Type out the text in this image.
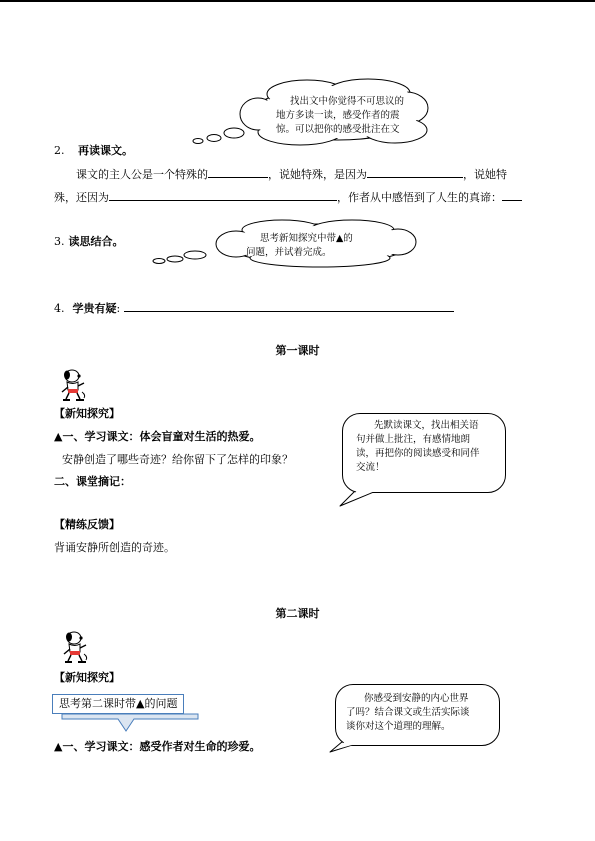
找出文中你觉得不可思议的
地方多读一读，感受作者的震
惊。可以把你的感受批注在文
2. 再读课文。
课文的主人公是一个特殊的	，说她特殊，是因为	，说她特
殊，还因为	，作者从中感悟到了人生的真谛：
思考新知探究中带▲的
问题，并试着完成。
3. 读思结合。
4. 学贵有疑:
第一课时
【新知探究】
▲一、学习课文：体会盲童对生活的热爱。
安静创造了哪些奇迹？给你留下了怎样的印象？
二、课堂摘记：
先默读课文，找出相关语
句并做上批注，有感情地朗
读，再把你的阅读感受和同伴
交流！
【精练反馈】
背诵安静所创造的奇迹。
第二课时
【新知探究】
思考第二课时带▲的问题	你感受到安静的内心世界
了吗？结合课文或生活实际谈
谈你对这个道理的理解。
▲一、学习课文：感受作者对生命的珍爱。
